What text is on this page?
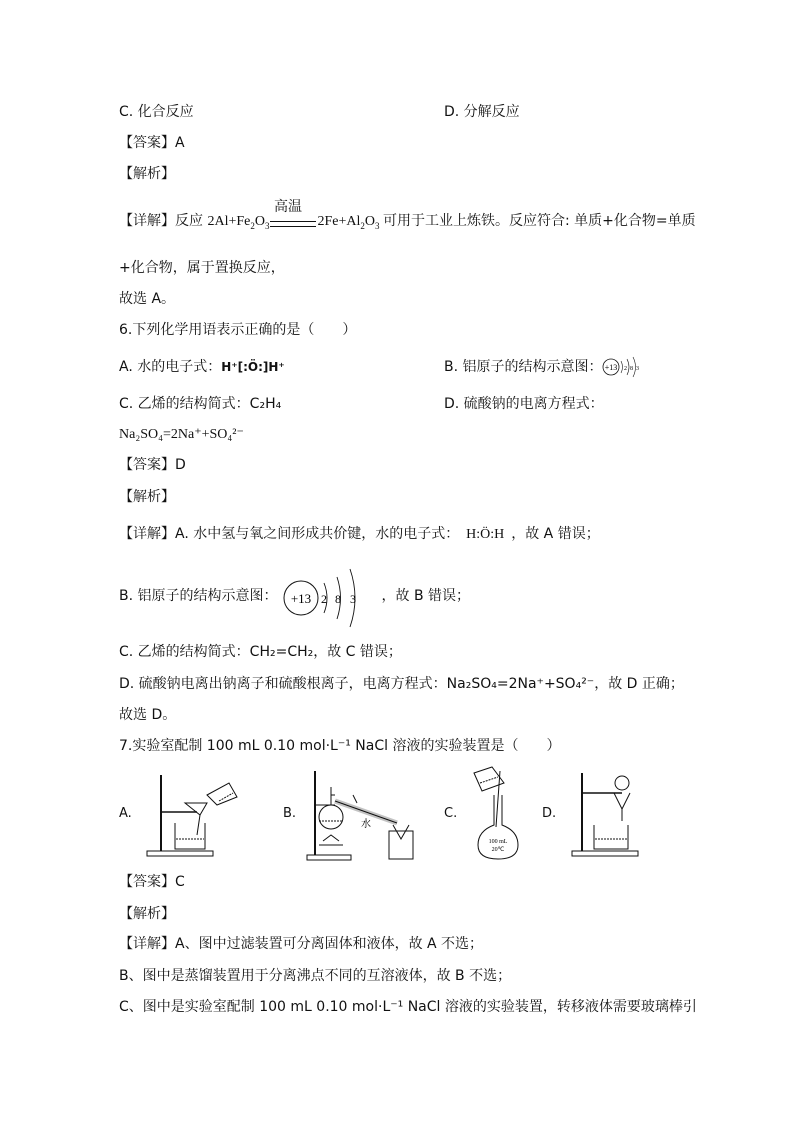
C. 化合反应	D. 分解反应
【答案】A
【解析】
【详解】反应 $2Al+Fe_2O_3$	$2Fe+Al_2O_3$ 可用于工业上炼铁。反应符合: 单质+化合物=单质
高温
+化合物，属于置换反应，
故选 A。
6.下列化学用语表示正确的是（　　）
A. 水的电子式：H⁺[:Ö:]H⁺	B. 铝原子的结构示意图： +13 2 8 3
C. 乙烯的结构简式：C₂H₄	D. 硫酸钠的电离方程式：
Na₂SO₄=2Na⁺+SO₄²⁻
【答案】D
【解析】
【详解】A. 水中氢与氧之间形成共价键，水的电子式： H:Ö:H ，故 A 错误；
B. 铝原子的结构示意图：	，故 B 错误；
+13 2 8 3
C. 乙烯的结构简式：CH₂=CH₂，故 C 错误；
D. 硫酸钠电离出钠离子和硫酸根离子，电离方程式：Na₂SO₄=2Na⁺+SO₄²⁻，故 D 正确；
故选 D。
7.实验室配制 100 mL 0.10 mol·L⁻¹ NaCl 溶液的实验装置是（　　）
A.	B.	C.	D.
水
100 mL
20℃
【答案】C
【解析】
【详解】A、图中过滤装置可分离固体和液体，故 A 不选；
B、图中是蒸馏装置用于分离沸点不同的互溶液体，故 B 不选；
C、图中是实验室配制 100 mL 0.10 mol·L⁻¹ NaCl 溶液的实验装置，转移液体需要玻璃棒引
